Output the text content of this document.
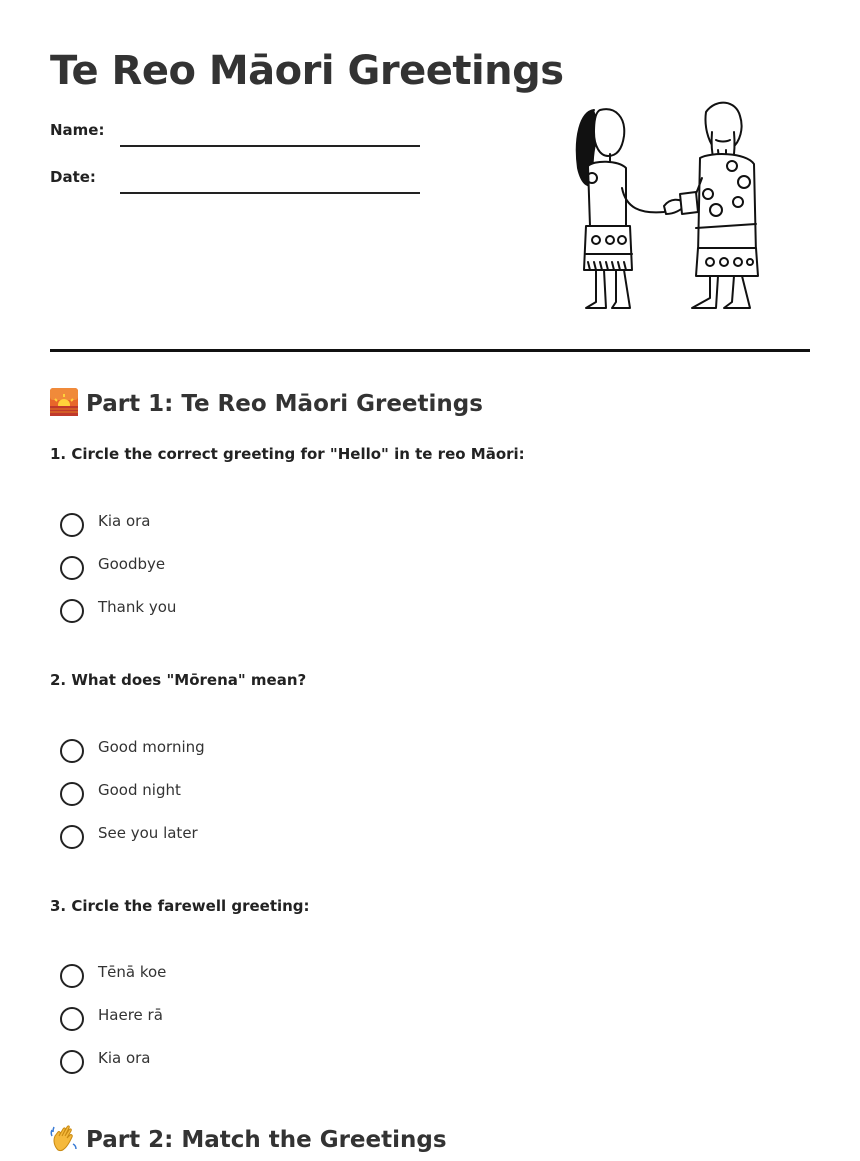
Te Reo Māori Greetings
Name:
Date:
Part 1: Te Reo Māori Greetings
1. Circle the correct greeting for "Hello" in te reo Māori:
Kia ora
Goodbye
Thank you
2. What does "Mōrena" mean?
Good morning
Good night
See you later
3. Circle the farewell greeting:
Tēnā koe
Haere rā
Kia ora
Part 2: Match the Greetings
